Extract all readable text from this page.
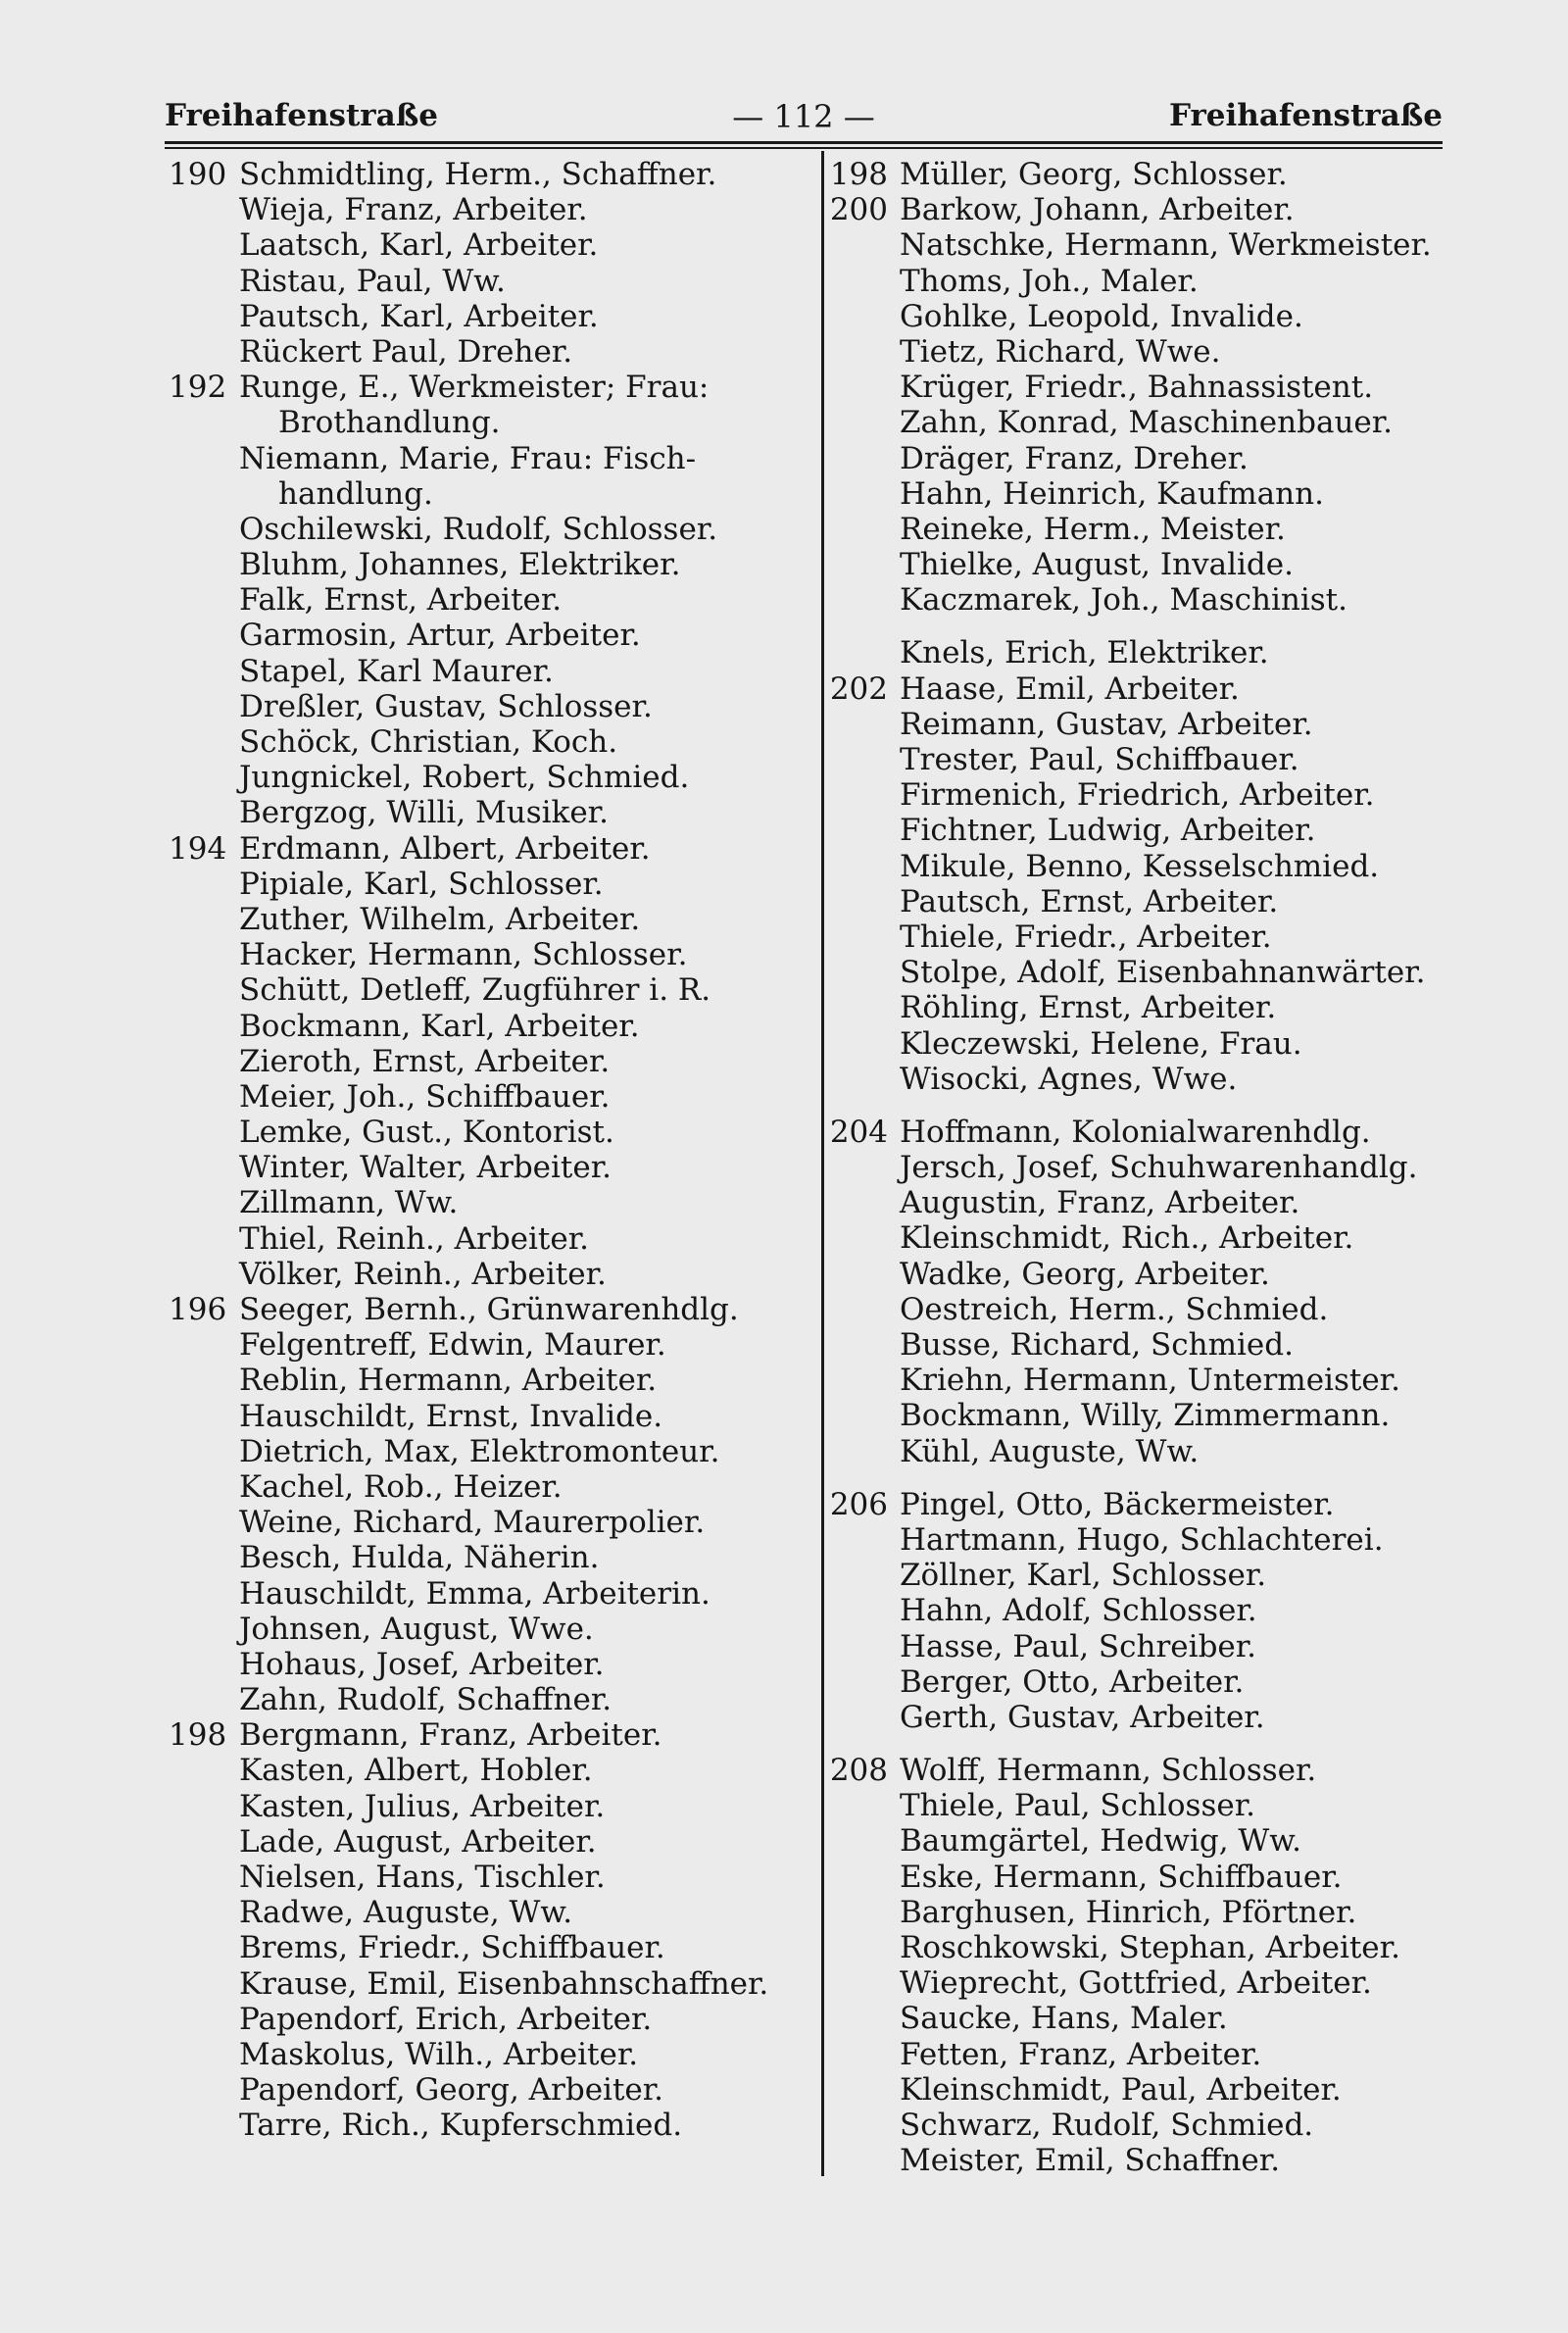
Freihafenstraße	— 112 —	Freihafenstraße
190 Schmidtling, Herm., Schaffner.
Wieja, Franz, Arbeiter.
Laatsch, Karl, Arbeiter.
Ristau, Paul, Ww.
Pautsch, Karl, Arbeiter.
Rückert Paul, Dreher.
192 Runge, E., Werkmeister; Frau:
Brothandlung.
Niemann, Marie, Frau: Fisch-
handlung.
Oschilewski, Rudolf, Schlosser.
Bluhm, Johannes, Elektriker.
Falk, Ernst, Arbeiter.
Garmosin, Artur, Arbeiter.
Stapel, Karl Maurer.
Dreßler, Gustav, Schlosser.
Schöck, Christian, Koch.
Jungnickel, Robert, Schmied.
Bergzog, Willi, Musiker.
194 Erdmann, Albert, Arbeiter.
Pipiale, Karl, Schlosser.
Zuther, Wilhelm, Arbeiter.
Hacker, Hermann, Schlosser.
Schütt, Detleff, Zugführer i. R.
Bockmann, Karl, Arbeiter.
Zieroth, Ernst, Arbeiter.
Meier, Joh., Schiffbauer.
Lemke, Gust., Kontorist.
Winter, Walter, Arbeiter.
Zillmann, Ww.
Thiel, Reinh., Arbeiter.
Völker, Reinh., Arbeiter.
196 Seeger, Bernh., Grünwarenhdlg.
Felgentreff, Edwin, Maurer.
Reblin, Hermann, Arbeiter.
Hauschildt, Ernst, Invalide.
Dietrich, Max, Elektromonteur.
Kachel, Rob., Heizer.
Weine, Richard, Maurerpolier.
Besch, Hulda, Näherin.
Hauschildt, Emma, Arbeiterin.
Johnsen, August, Wwe.
Hohaus, Josef, Arbeiter.
Zahn, Rudolf, Schaffner.
198 Bergmann, Franz, Arbeiter.
Kasten, Albert, Hobler.
Kasten, Julius, Arbeiter.
Lade, August, Arbeiter.
Nielsen, Hans, Tischler.
Radwe, Auguste, Ww.
Brems, Friedr., Schiffbauer.
Krause, Emil, Eisenbahnschaffner.
Papendorf, Erich, Arbeiter.
Maskolus, Wilh., Arbeiter.
Papendorf, Georg, Arbeiter.
Tarre, Rich., Kupferschmied.
198 Müller, Georg, Schlosser.
200 Barkow, Johann, Arbeiter.
Natschke, Hermann, Werkmeister.
Thoms, Joh., Maler.
Gohlke, Leopold, Invalide.
Tietz, Richard, Wwe.
Krüger, Friedr., Bahnassistent.
Zahn, Konrad, Maschinenbauer.
Dräger, Franz, Dreher.
Hahn, Heinrich, Kaufmann.
Reineke, Herm., Meister.
Thielke, August, Invalide.
Kaczmarek, Joh., Maschinist.
Knels, Erich, Elektriker.
202 Haase, Emil, Arbeiter.
Reimann, Gustav, Arbeiter.
Trester, Paul, Schiffbauer.
Firmenich, Friedrich, Arbeiter.
Fichtner, Ludwig, Arbeiter.
Mikule, Benno, Kesselschmied.
Pautsch, Ernst, Arbeiter.
Thiele, Friedr., Arbeiter.
Stolpe, Adolf, Eisenbahnanwärter.
Röhling, Ernst, Arbeiter.
Kleczewski, Helene, Frau.
Wisocki, Agnes, Wwe.
204 Hoffmann, Kolonialwarenhdlg.
Jersch, Josef, Schuhwarenhandlg.
Augustin, Franz, Arbeiter.
Kleinschmidt, Rich., Arbeiter.
Wadke, Georg, Arbeiter.
Oestreich, Herm., Schmied.
Busse, Richard, Schmied.
Kriehn, Hermann, Untermeister.
Bockmann, Willy, Zimmermann.
Kühl, Auguste, Ww.
206 Pingel, Otto, Bäckermeister.
Hartmann, Hugo, Schlachterei.
Zöllner, Karl, Schlosser.
Hahn, Adolf, Schlosser.
Hasse, Paul, Schreiber.
Berger, Otto, Arbeiter.
Gerth, Gustav, Arbeiter.
208 Wolff, Hermann, Schlosser.
Thiele, Paul, Schlosser.
Baumgärtel, Hedwig, Ww.
Eske, Hermann, Schiffbauer.
Barghusen, Hinrich, Pförtner.
Roschkowski, Stephan, Arbeiter.
Wieprecht, Gottfried, Arbeiter.
Saucke, Hans, Maler.
Fetten, Franz, Arbeiter.
Kleinschmidt, Paul, Arbeiter.
Schwarz, Rudolf, Schmied.
Meister, Emil, Schaffner.
